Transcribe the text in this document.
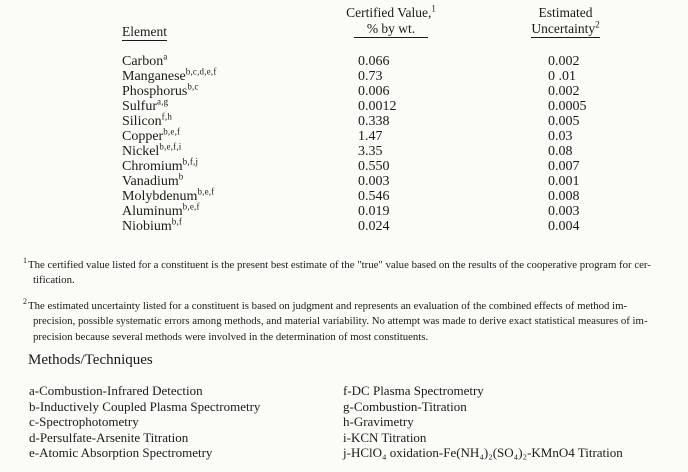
Element
Certified Value,$^1$
% by wt.
Estimated
Uncertainty$^2$
Carbon$^a$	0.066	0.002
Manganese$^{b,c,d,e,f}$	0.73	0 .01
Phosphorus$^{b,c}$	0.006	0.002
Sulfur$^{a,g}$	0.0012	0.0005
Silicon$^{f,h}$	0.338	0.005
Copper$^{b,e,f}$	1.47	0.03
Nickel$^{b,e,f,i}$	3.35	0.08
Chromium$^{b,f,j}$	0.550	0.007
Vanadium$^b$	0.003	0.001
Molybdenum$^{b,e,f}$	0.546	0.008
Aluminum$^{b,e,f}$	0.019	0.003
Niobium$^{b,f}$	0.024	0.004
$^1$The certified value listed for a constituent is the present best estimate of the "true" value based on the results of the cooperative program for cer-
tification.
$^2$The estimated uncertainty listed for a constituent is based on judgment and represents an evaluation of the combined effects of method im-
precision, possible systematic errors among methods, and material variability. No attempt was made to derive exact statistical measures of im-
precision because several methods were involved in the determination of most constituents.
Methods/Techniques
a-Combustion-Infrared Detection
b-Inductively Coupled Plasma Spectrometry
c-Spectrophotometry
d-Persulfate-Arsenite Titration
e-Atomic Absorption Spectrometry
f-DC Plasma Spectrometry
g-Combustion-Titration
h-Gravimetry
i-KCN Titration
j-HClO₄ oxidation-Fe(NH₄)₂(SO₄)₂-KMnO4 Titration
